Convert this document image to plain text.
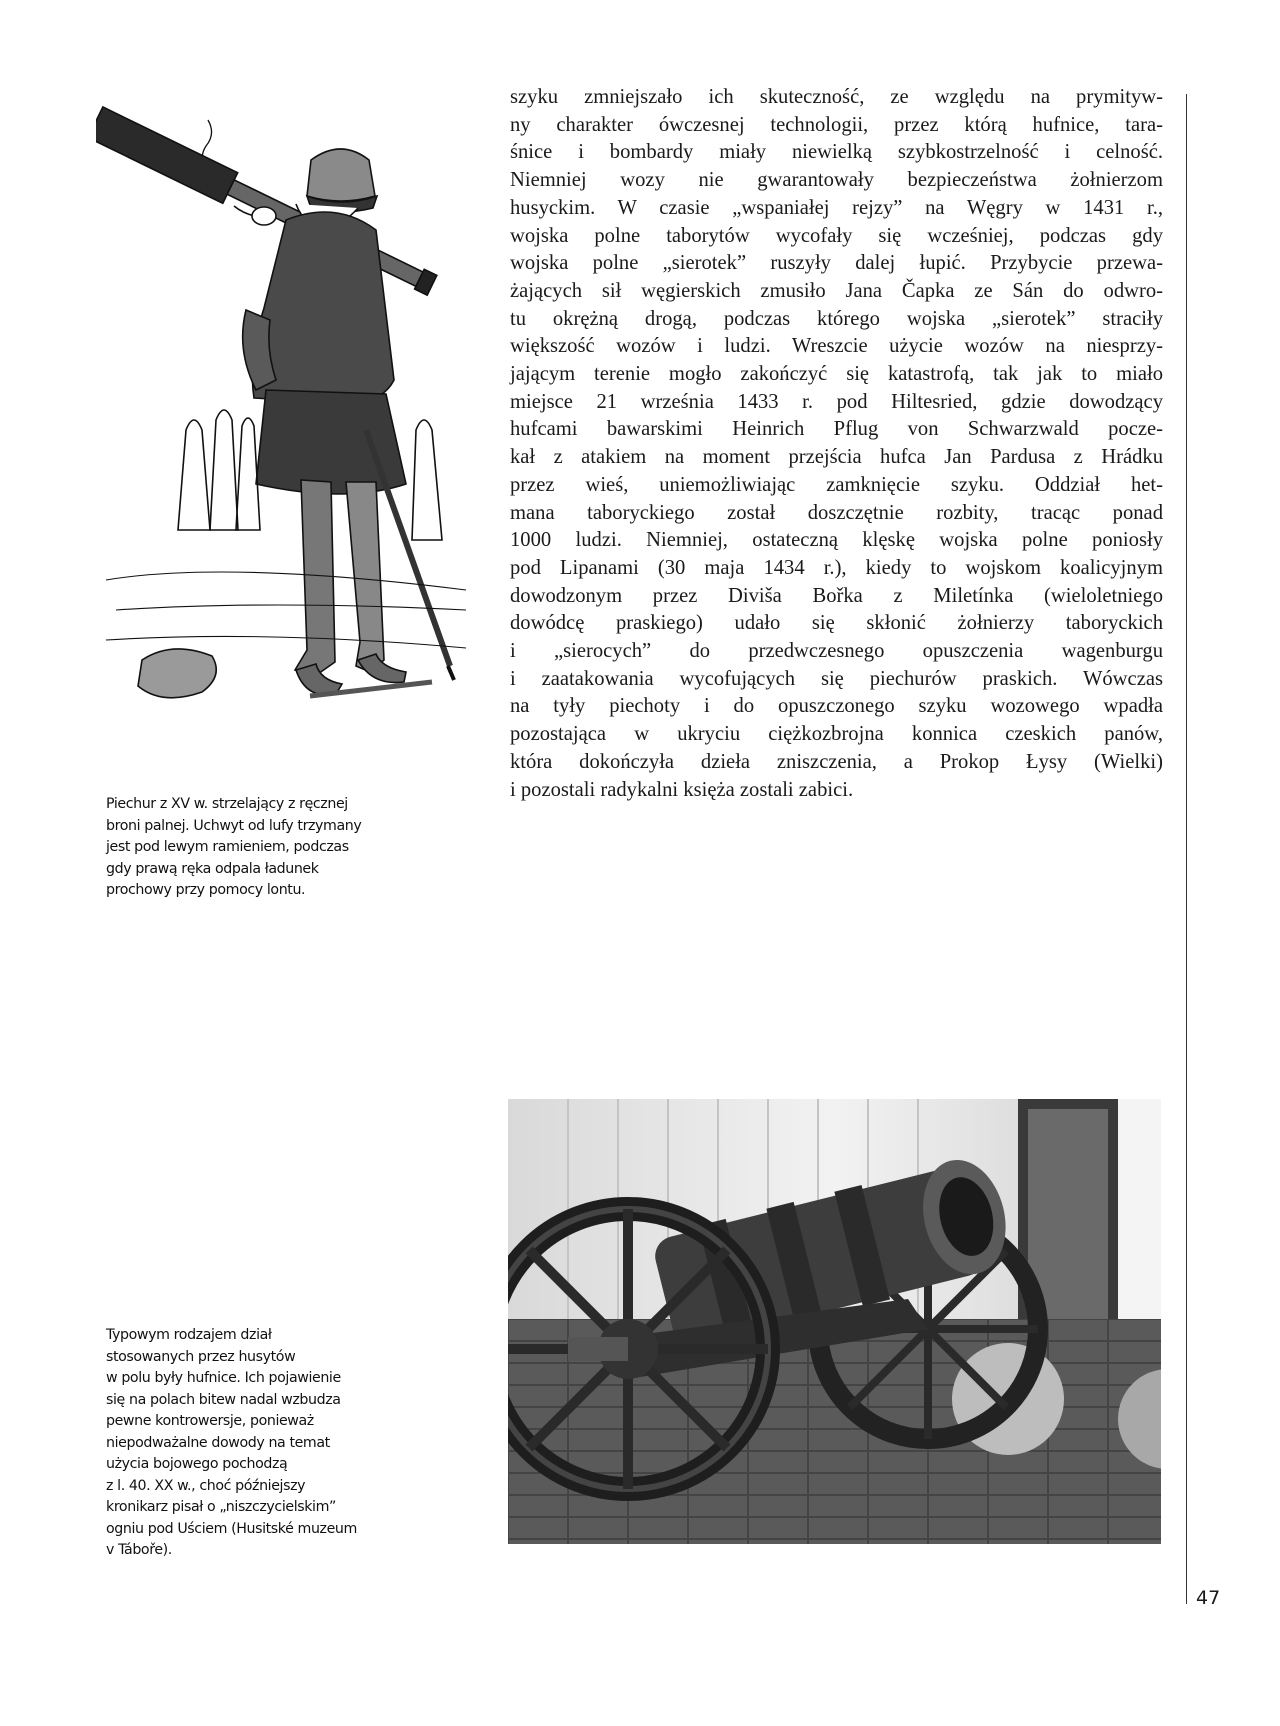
Piechur z XV w. strzelający z ręcznej
broni palnej. Uchwyt od lufy trzymany
jest pod lewym ramieniem, podczas
gdy prawą ręka odpala ładunek
prochowy przy pomocy lontu.
szyku zmniejszało ich skuteczność, ze względu na prymityw-
ny charakter ówczesnej technologii, przez którą hufnice, tara-
śnice i bombardy miały niewielką szybkostrzelność i celność.
Niemniej wozy nie gwarantowały bezpieczeństwa żołnierzom
husyckim. W czasie „wspaniałej rejzy” na Węgry w 1431 r.,
wojska polne taborytów wycofały się wcześniej, podczas gdy
wojska polne „sierotek” ruszyły dalej łupić. Przybycie przewa-
żających sił węgierskich zmusiło Jana Čapka ze Sán do odwro-
tu okrężną drogą, podczas którego wojska „sierotek” straciły
większość wozów i ludzi. Wreszcie użycie wozów na niesprzy-
jającym terenie mogło zakończyć się katastrofą, tak jak to miało
miejsce 21 września 1433 r. pod Hiltesried, gdzie dowodzący
hufcami bawarskimi Heinrich Pflug von Schwarzwald pocze-
kał z atakiem na moment przejścia hufca Jan Pardusa z Hrádku
przez wieś, uniemożliwiając zamknięcie szyku. Oddział het-
mana taboryckiego został doszczętnie rozbity, tracąc ponad
1000 ludzi. Niemniej, ostateczną klęskę wojska polne poniosły
pod Lipanami (30 maja 1434 r.), kiedy to wojskom koalicyjnym
dowodzonym przez Diviša Bořka z Miletínka (wieloletniego
dowódcę praskiego) udało się skłonić żołnierzy taboryckich
i „sierocych” do przedwczesnego opuszczenia wagenburgu
i zaatakowania wycofujących się piechurów praskich. Wówczas
na tyły piechoty i do opuszczonego szyku wozowego wpadła
pozostająca w ukryciu ciężkozbrojna konnica czeskich panów,
która dokończyła dzieła zniszczenia, a Prokop Łysy (Wielki)
i pozostali radykalni księża zostali zabici.
Typowym rodzajem dział
stosowanych przez husytów
w polu były hufnice. Ich pojawienie
się na polach bitew nadal wzbudza
pewne kontrowersje, ponieważ
niepodważalne dowody na temat
użycia bojowego pochodzą
z l. 40. XX w., choć późniejszy
kronikarz pisał o „niszczycielskim”
ogniu pod Uściem (Husitské muzeum
v Táboře).
47
